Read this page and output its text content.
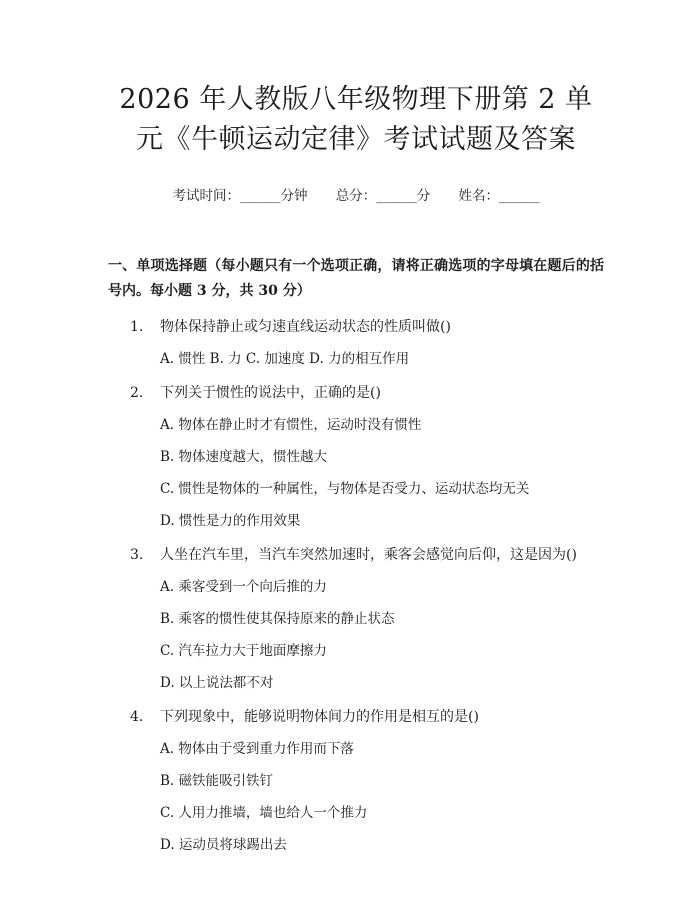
2026 年人教版八年级物理下册第 2 单元《牛顿运动定律》考试试题及答案
考试时间：______分钟 总分：______分 姓名：______
一、单项选择题（每小题只有一个选项正确，请将正确选项的字母填在题后的括号内。每小题 3 分，共 30 分）
1.	物体保持静止或匀速直线运动状态的性质叫做()
A. 惯性 B. 力 C. 加速度 D. 力的相互作用
2.	下列关于惯性的说法中，正确的是()
A. 物体在静止时才有惯性，运动时没有惯性
B. 物体速度越大，惯性越大
C. 惯性是物体的一种属性，与物体是否受力、运动状态均无关
D. 惯性是力的作用效果
3.	人坐在汽车里，当汽车突然加速时，乘客会感觉向后仰，这是因为()
A. 乘客受到一个向后推的力
B. 乘客的惯性使其保持原来的静止状态
C. 汽车拉力大于地面摩擦力
D. 以上说法都不对
4.	下列现象中，能够说明物体间力的作用是相互的是()
A. 物体由于受到重力作用而下落
B. 磁铁能吸引铁钉
C. 人用力推墙，墙也给人一个推力
D. 运动员将球踢出去
